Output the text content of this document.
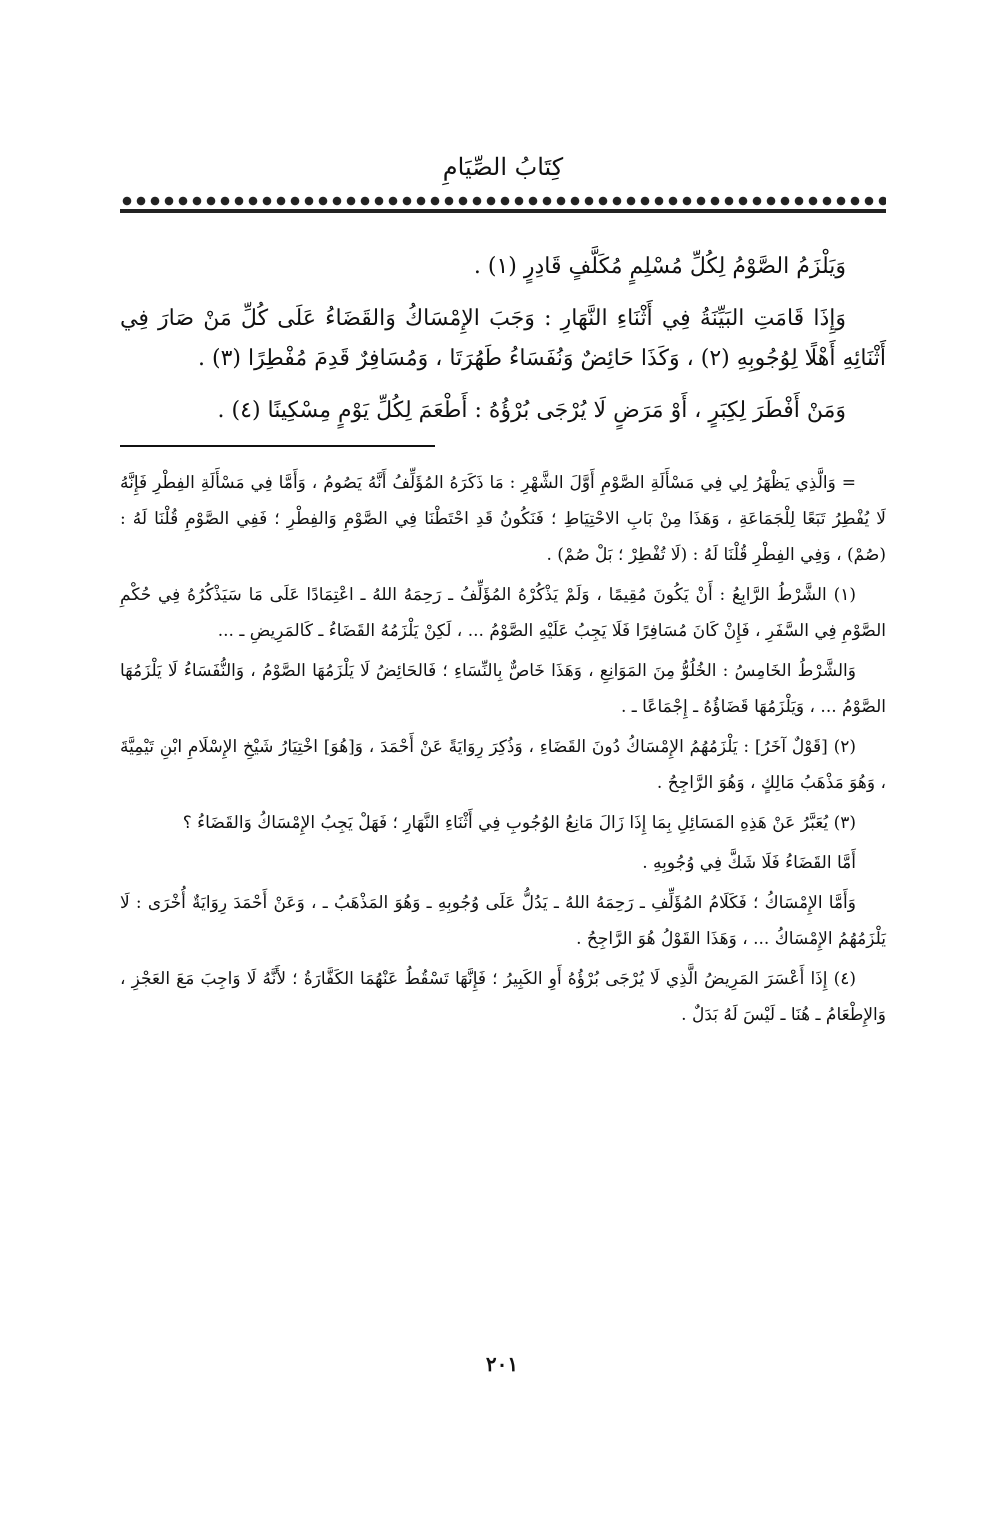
كِتَابُ الصِّيَامِ

وَيَلْزَمُ الصَّوْمُ لِكُلِّ مُسْلِمٍ مُكَلَّفٍ قَادِرٍ (١) .

وَإِذَا قَامَتِ البَيِّنَةُ فِي أَثْنَاءِ النَّهَارِ : وَجَبَ الإِمْسَاكُ وَالقَضَاءُ عَلَى كُلِّ مَنْ صَارَ فِي أَثْنَائِهِ أَهْلًا لِوُجُوبِهِ (٢) ، وَكَذَا حَائِضٌ وَنُفَسَاءُ طَهُرَتَا ، وَمُسَافِرٌ قَدِمَ مُفْطِرًا (٣) .

وَمَنْ أَفْطَرَ لِكِبَرٍ ، أَوْ مَرَضٍ لَا يُرْجَى بُرْؤُهُ : أَطْعَمَ لِكُلِّ يَوْمٍ مِسْكِينًا (٤) .

= وَالَّذِي يَظْهَرُ لِي فِي مَسْأَلَةِ الصَّوْمِ أَوَّلَ الشَّهْرِ : مَا ذَكَرَهُ المُؤَلِّفُ أَنَّهُ يَصُومُ ، وَأَمَّا فِي مَسْأَلَةِ الفِطْرِ فَإِنَّهُ لَا يُفْطِرُ تَبَعًا لِلْجَمَاعَةِ ، وَهَذَا مِنْ بَابِ الاحْتِيَاطِ ؛ فَنَكُونُ قَدِ احْتَطْنَا فِي الصَّوْمِ وَالفِطْرِ ؛ فَفِي الصَّوْمِ قُلْنَا لَهُ : (صُمْ) ، وَفِي الفِطْرِ قُلْنَا لَهُ : (لَا تُفْطِرْ ؛ بَلْ صُمْ) .

(١) الشَّرْطُ الرَّابِعُ : أَنْ يَكُونَ مُقِيمًا ، وَلَمْ يَذْكُرْهُ المُؤَلِّفُ ـ رَحِمَهُ اللهُ ـ اعْتِمَادًا عَلَى مَا سَيَذْكُرُهُ فِي حُكْمِ الصَّوْمِ فِي السَّفَرِ ، فَإِنْ كَانَ مُسَافِرًا فَلَا يَجِبُ عَلَيْهِ الصَّوْمُ ... ، لَكِنْ يَلْزَمُهُ القَضَاءُ ـ كَالمَرِيضِ ـ ...

وَالشَّرْطُ الخَامِسُ : الخُلُوُّ مِنَ المَوَانِعِ ، وَهَذَا خَاصٌّ بِالنِّسَاءِ ؛ فَالحَائِضُ لَا يَلْزَمُهَا الصَّوْمُ ، وَالنُّفَسَاءُ لَا يَلْزَمُهَا الصَّوْمُ ... ، وَيَلْزَمُهَا قَضَاؤُهُ ـ إِجْمَاعًا ـ .

(٢) [قَوْلٌ آخَرُ] : يَلْزَمُهُمُ الإِمْسَاكُ دُونَ القَضَاءِ ، وَذُكِرَ رِوَايَةً عَنْ أَحْمَدَ ، وَ[هُوَ] اخْتِيَارُ شَيْخِ الإِسْلَامِ ابْنِ تَيْمِيَّةَ ، وَهُوَ مَذْهَبُ مَالِكٍ ، وَهُوَ الرَّاجِحُ .

(٣) يُعَبَّرُ عَنْ هَذِهِ المَسَائِلِ بِمَا إِذَا زَالَ مَانِعُ الوُجُوبِ فِي أَثْنَاءِ النَّهَارِ ؛ فَهَلْ يَجِبُ الإِمْسَاكُ وَالقَضَاءُ ؟

أَمَّا القَضَاءُ فَلَا شَكَّ فِي وُجُوبِهِ .

وَأَمَّا الإِمْسَاكُ ؛ فَكَلَامُ المُؤَلِّفِ ـ رَحِمَهُ اللهُ ـ يَدُلُّ عَلَى وُجُوبِهِ ـ وَهُوَ المَذْهَبُ ـ ، وَعَنْ أَحْمَدَ رِوَايَةٌ أُخْرَى : لَا يَلْزَمُهُمُ الإِمْسَاكُ ... ، وَهَذَا القَوْلُ هُوَ الرَّاجِحُ .

(٤) إِذَا أَعْسَرَ المَرِيضُ الَّذِي لَا يُرْجَى بُرْؤُهُ أَوِ الكَبِيرُ ؛ فَإِنَّهَا تَسْقُطُ عَنْهُمَا الكَفَّارَةُ ؛ لأَنَّهُ لَا وَاجِبَ مَعَ العَجْزِ ، وَالإِطْعَامُ ـ هُنَا ـ لَيْسَ لَهُ بَدَلٌ .

٢٠١
